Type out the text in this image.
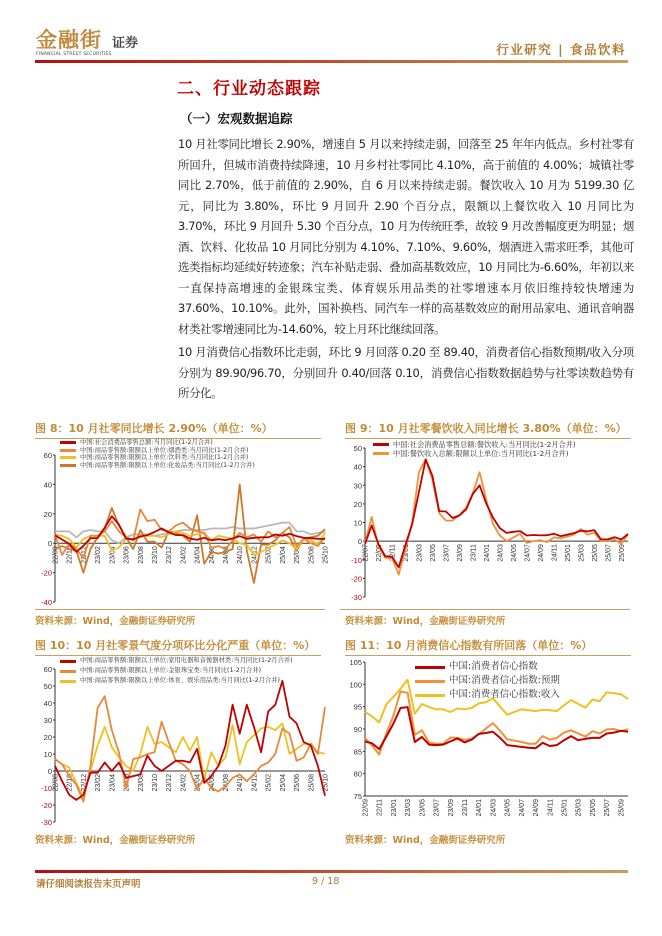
金融街 证券
FINANCIAL STREET SECURITIES	行业研究 | 食品饮料
二、行业动态跟踪
（一）宏观数据追踪

10 月社零同比增长 2.90%，增速自 5 月以来持续走弱，回落至 25 年年内低点。乡村社零有所回升，但城市消费持续降速，10 月乡村社零同比 4.10%，高于前值的 4.00%；城镇社零同比 2.70%，低于前值的 2.90%，自 6 月以来持续走弱。餐饮收入 10 月为 5199.30 亿元，同比为 3.80%，环比 9 月回升 2.90 个百分点，限额以上餐饮收入 10 月同比为 3.70%，环比 9 月回升 5.30 个百分点，10 月为传统旺季，故较 9 月改善幅度更为明显；烟酒、饮料、化妆品 10 月同比分别为 4.10%、7.10%、9.60%，烟酒进入需求旺季，其他可选类指标均延续好转迹象；汽车补贴走弱、叠加高基数效应，10 月同比为-6.60%，年初以来一直保持高增速的金银珠宝类、体育娱乐用品类的社零增速本月依旧维持较快增速为 37.60%、10.10%。此外，国补换档、同汽车一样的高基数效应的耐用品家电、通讯音响器材类社零增速同比为-14.60%，较上月环比继续回落。

10 月消费信心指数环比走弱，环比 9 月回落 0.20 至 89.40，消费者信心指数预期/收入分项分别为 89.90/96.70，分别回升 0.40/回落 0.10，消费信心指数数据趋势与社零读数趋势有所分化。

图 8：10 月社零同比增长 2.90%（单位：%）
60
40
20
0
-20
-40
22/08 22/10 22/12 23/02 23/04 23/06 23/08 23/10 23/12 24/02 24/04 24/06 24/08 24/10 24/12 25/02 25/04 25/06 25/08 25/10
中国:社会消费品零售总额:当月同比(1-2月合并)
中国:商品零售额:限额以上单位:烟酒类:当月同比(1-2月合并)
中国:商品零售额:限额以上单位:饮料类:当月同比(1-2月合并)
中国:商品零售额:限额以上单位:化妆品类:当月同比(1-2月合并)
资料来源：Wind，金融街证券研究所
图 9：10 月社零餐饮收入同比增长 3.80%（单位：%）
50
40
30
20
10
0
-10
-20
-30
22/07 22/09 22/11 23/01 23/03 23/05 23/07 23/09 23/11 24/01 24/03 24/05 24/07 24/09 24/11 25/01 25/03 25/05 25/07 25/09
中国:社会消费品零售总额:餐饮收入:当月同比(1-2月合并)
中国:餐饮收入总额:限额以上单位:当月同比(1-2月合并)
资料来源：Wind，金融街证券研究所
图 10：10 月社零景气度分项环比分化严重（单位：%）
60
50
40
30
20
10
0
-10
-20
-30
22/08 22/10 22/12 23/02 23/04 23/06 23/08 23/10 23/12 24/02 24/04 24/06 24/08 24/10 24/12 25/02 25/04 25/06 25/08 25/10
中国:商品零售额:限额以上单位:家用电器和音像器材类:当月同比(1-2月合并)
中国:商品零售额:限额以上单位:金银珠宝类:当月同比(1-2月合并)
中国:商品零售额:限额以上单位:体育、娱乐用品类:当月同比(1-2月合并)
资料来源：Wind，金融街证券研究所
图 11：10 月消费信心指数有所回落（单位：%）
105
100
95
90
85
80
75
22/09 22/11 23/01 23/03 23/05 23/07 23/09 23/11 24/01 24/03 24/05 24/07 24/09 24/11 25/01 25/03 25/05 25/07 25/09
中国:消费者信心指数
中国:消费者信心指数:预期
中国:消费者信心指数:收入
资料来源：Wind，金融街证券研究所
请仔细阅读报告末页声明	9 / 18
